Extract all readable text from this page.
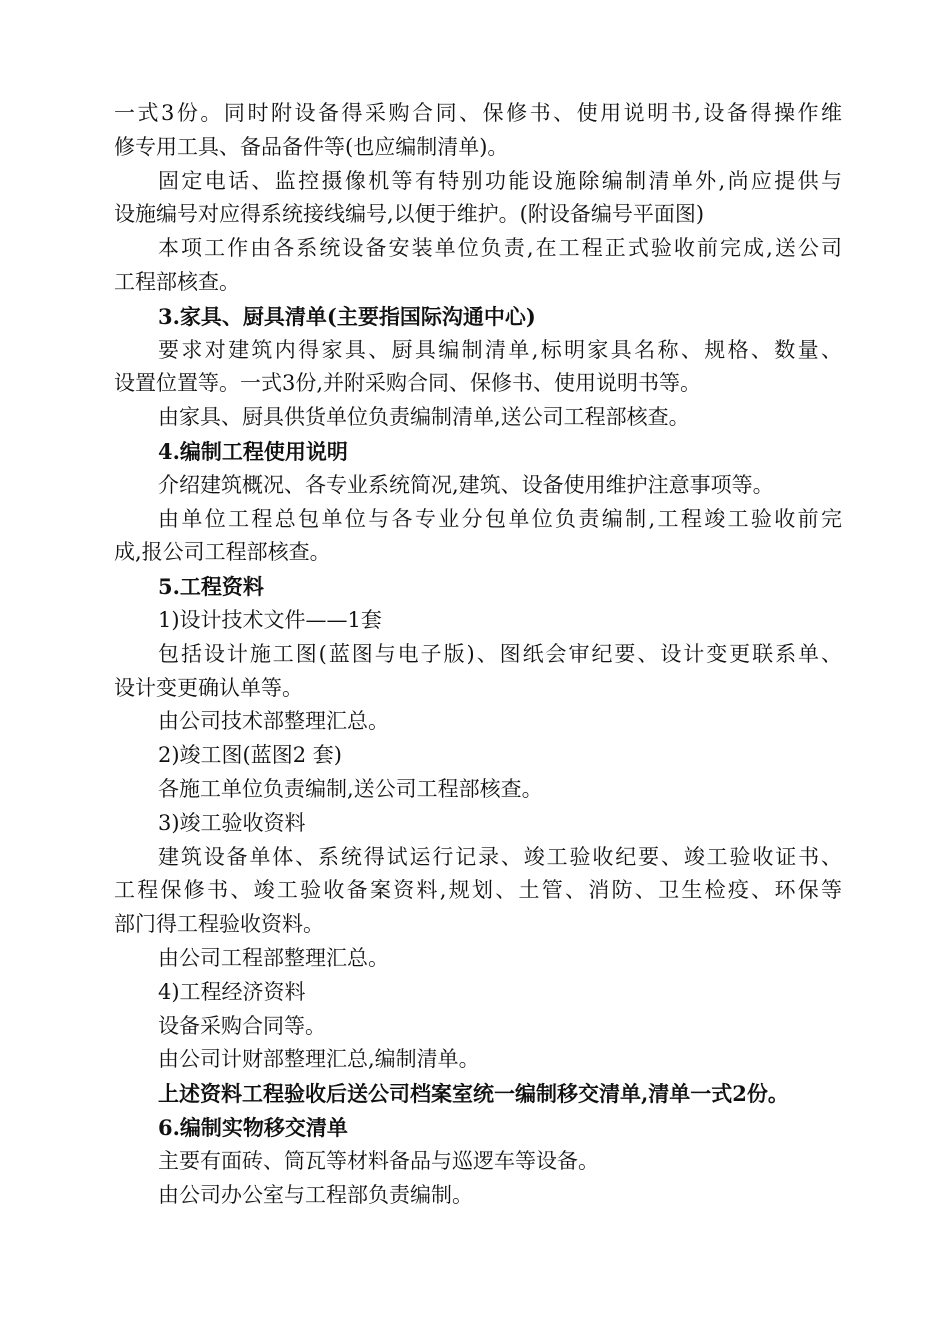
一式3份。同时附设备得采购合同、保修书、使用说明书,设备得操作维
修专用工具、备品备件等(也应编制清单)。
固定电话、监控摄像机等有特别功能设施除编制清单外,尚应提供与
设施编号对应得系统接线编号,以便于维护。(附设备编号平面图)
本项工作由各系统设备安装单位负责,在工程正式验收前完成,送公司
工程部核查。
3.家具、厨具清单(主要指国际沟通中心)
要求对建筑内得家具、厨具编制清单,标明家具名称、规格、数量、
设置位置等。一式3份,并附采购合同、保修书、使用说明书等。
由家具、厨具供货单位负责编制清单,送公司工程部核查。
4.编制工程使用说明
介绍建筑概况、各专业系统简况,建筑、设备使用维护注意事项等。
由单位工程总包单位与各专业分包单位负责编制,工程竣工验收前完
成,报公司工程部核查。
5.工程资料
1)设计技术文件——1套
包括设计施工图(蓝图与电子版)、图纸会审纪要、设计变更联系单、
设计变更确认单等。
由公司技术部整理汇总。
2)竣工图(蓝图2 套)
各施工单位负责编制,送公司工程部核查。
3)竣工验收资料
建筑设备单体、系统得试运行记录、竣工验收纪要、竣工验收证书、
工程保修书、竣工验收备案资料,规划、土管、消防、卫生检疫、环保等
部门得工程验收资料。
由公司工程部整理汇总。
4)工程经济资料
设备采购合同等。
由公司计财部整理汇总,编制清单。
上述资料工程验收后送公司档案室统一编制移交清单,清单一式2份。
6.编制实物移交清单
主要有面砖、筒瓦等材料备品与巡逻车等设备。
由公司办公室与工程部负责编制。
